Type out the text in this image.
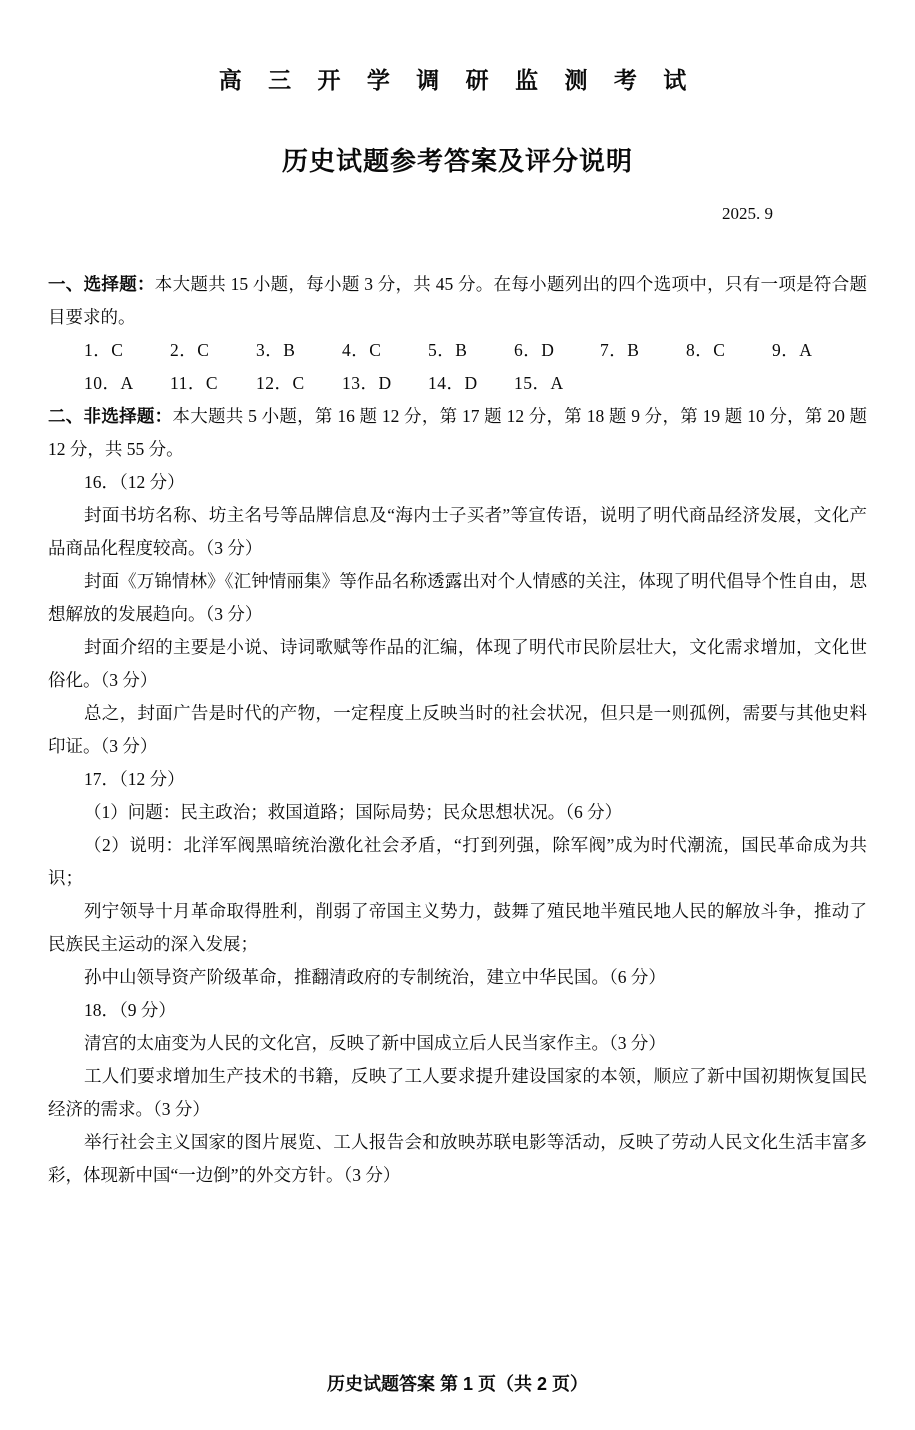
高 三 开 学 调 研 监 测 考 试
历史试题参考答案及评分说明
2025. 9

一、选择题：本大题共 15 小题，每小题 3 分，共 45 分。在每小题列出的四个选项中，只有一项是符合题目要求的。

1．C	2．C	3．B	4．C	5．B	6．D	7．B	8．C	9．A

10．A 11．C 12．C 13．D 14．D 15．A

二、非选择题：本大题共 5 小题，第 16 题 12 分，第 17 题 12 分，第 18 题 9 分，第 19 题 10 分，第 20 题 12 分，共 55 分。

16．（12 分）

封面书坊名称、坊主名号等品牌信息及“海内士子买者”等宣传语，说明了明代商品经济发展，文化产品商品化程度较高。（3 分）

封面《万锦情林》《汇钟情丽集》等作品名称透露出对个人情感的关注，体现了明代倡导个性自由，思想解放的发展趋向。（3 分）

封面介绍的主要是小说、诗词歌赋等作品的汇编，体现了明代市民阶层壮大，文化需求增加，文化世俗化。（3 分）

总之，封面广告是时代的产物，一定程度上反映当时的社会状况，但只是一则孤例，需要与其他史料印证。（3 分）

17．（12 分）

（1）问题：民主政治；救国道路；国际局势；民众思想状况。（6 分）

（2）说明：北洋军阀黑暗统治激化社会矛盾，“打到列强，除军阀”成为时代潮流，国民革命成为共识；

列宁领导十月革命取得胜利，削弱了帝国主义势力，鼓舞了殖民地半殖民地人民的解放斗争，推动了民族民主运动的深入发展；

孙中山领导资产阶级革命，推翻清政府的专制统治，建立中华民国。（6 分）

18．（9 分）

清宫的太庙变为人民的文化宫，反映了新中国成立后人民当家作主。（3 分）

工人们要求增加生产技术的书籍，反映了工人要求提升建设国家的本领，顺应了新中国初期恢复国民经济的需求。（3 分）

举行社会主义国家的图片展览、工人报告会和放映苏联电影等活动，反映了劳动人民文化生活丰富多彩，体现新中国“一边倒”的外交方针。（3 分）

历史试题答案 第 1 页（共 2 页）
